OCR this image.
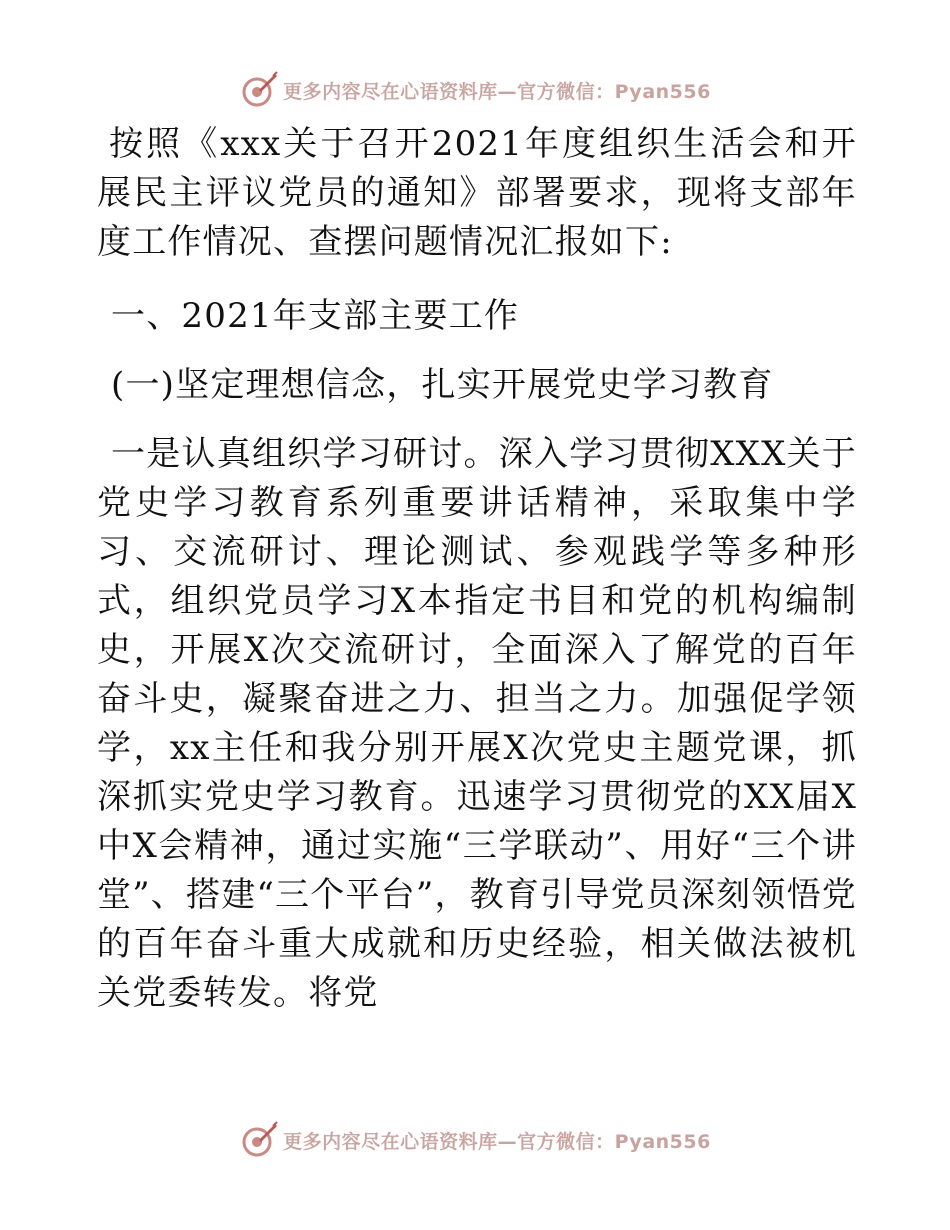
更多内容尽在心语资料库—官方微信：Pyan556

按照《xxx关于召开2021年度组织生活会和开展民主评议党员的通知》部署要求，现将支部年度工作情况、查摆问题情况汇报如下:

一、2021年支部主要工作

(一)坚定理想信念，扎实开展党史学习教育

一是认真组织学习研讨。深入学习贯彻XXX关于党史学习教育系列重要讲话精神，采取集中学习、交流研讨、理论测试、参观践学等多种形式，组织党员学习X本指定书目和党的机构编制史，开展X次交流研讨，全面深入了解党的百年奋斗史，凝聚奋进之力、担当之力。加强促学领学，xx主任和我分别开展X次党史主题党课，抓深抓实党史学习教育。迅速学习贯彻党的XX届X中X会精神，通过实施“三学联动”、用好“三个讲堂”、搭建“三个平台”，教育引导党员深刻领悟党的百年奋斗重大成就和历史经验，相关做法被机关党委转发。将党

更多内容尽在心语资料库—官方微信：Pyan556
